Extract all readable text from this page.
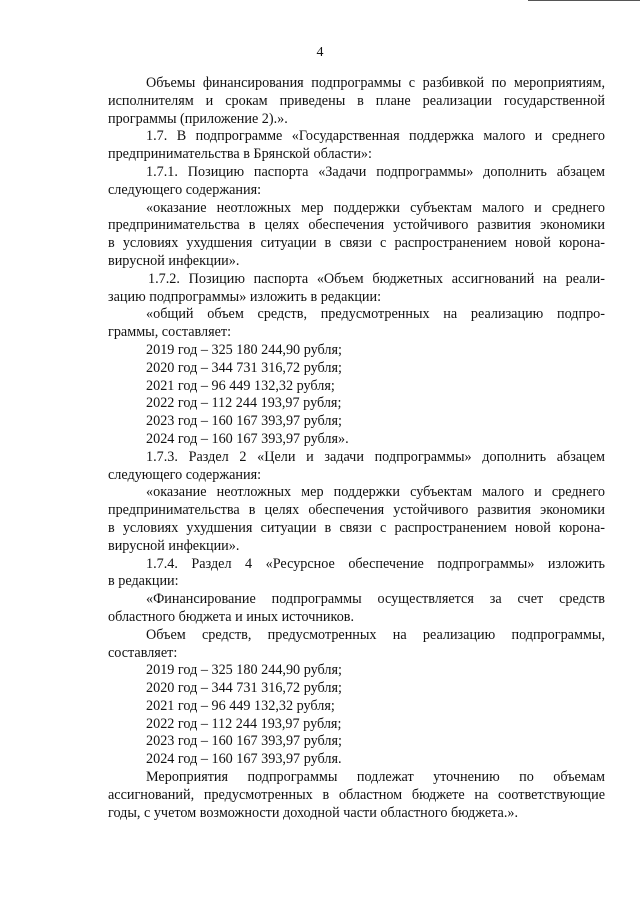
4
Объемы финансирования подпрограммы с разбивкой по мероприятиям,
исполнителям и срокам приведены в плане реализации государственной
программы (приложение 2).».
1.7. В подпрограмме «Государственная поддержка малого и среднего
предпринимательства в Брянской области»:
1.7.1. Позицию паспорта «Задачи подпрограммы» дополнить абзацем
следующего содержания:
«оказание неотложных мер поддержки субъектам малого и среднего
предпринимательства в целях обеспечения устойчивого развития экономики
в условиях ухудшения ситуации в связи с распространением новой корона-
вирусной инфекции».
1.7.2. Позицию паспорта «Объем бюджетных ассигнований на реали-
зацию подпрограммы» изложить в редакции:
«общий объем средств, предусмотренных на реализацию подпро-
граммы, составляет:
2019 год – 325 180 244,90 рубля;
2020 год – 344 731 316,72 рубля;
2021 год – 96 449 132,32 рубля;
2022 год – 112 244 193,97 рубля;
2023 год – 160 167 393,97 рубля;
2024 год – 160 167 393,97 рубля».
1.7.3. Раздел 2 «Цели и задачи подпрограммы» дополнить абзацем
следующего содержания:
«оказание неотложных мер поддержки субъектам малого и среднего
предпринимательства в целях обеспечения устойчивого развития экономики
в условиях ухудшения ситуации в связи с распространением новой корона-
вирусной инфекции».
1.7.4. Раздел 4 «Ресурсное обеспечение подпрограммы» изложить
в редакции:
«Финансирование подпрограммы осуществляется за счет средств
областного бюджета и иных источников.
Объем средств, предусмотренных на реализацию подпрограммы,
составляет:
2019 год – 325 180 244,90 рубля;
2020 год – 344 731 316,72 рубля;
2021 год – 96 449 132,32 рубля;
2022 год – 112 244 193,97 рубля;
2023 год – 160 167 393,97 рубля;
2024 год – 160 167 393,97 рубля.
Мероприятия подпрограммы подлежат уточнению по объемам
ассигнований, предусмотренных в областном бюджете на соответствующие
годы, с учетом возможности доходной части областного бюджета.».
